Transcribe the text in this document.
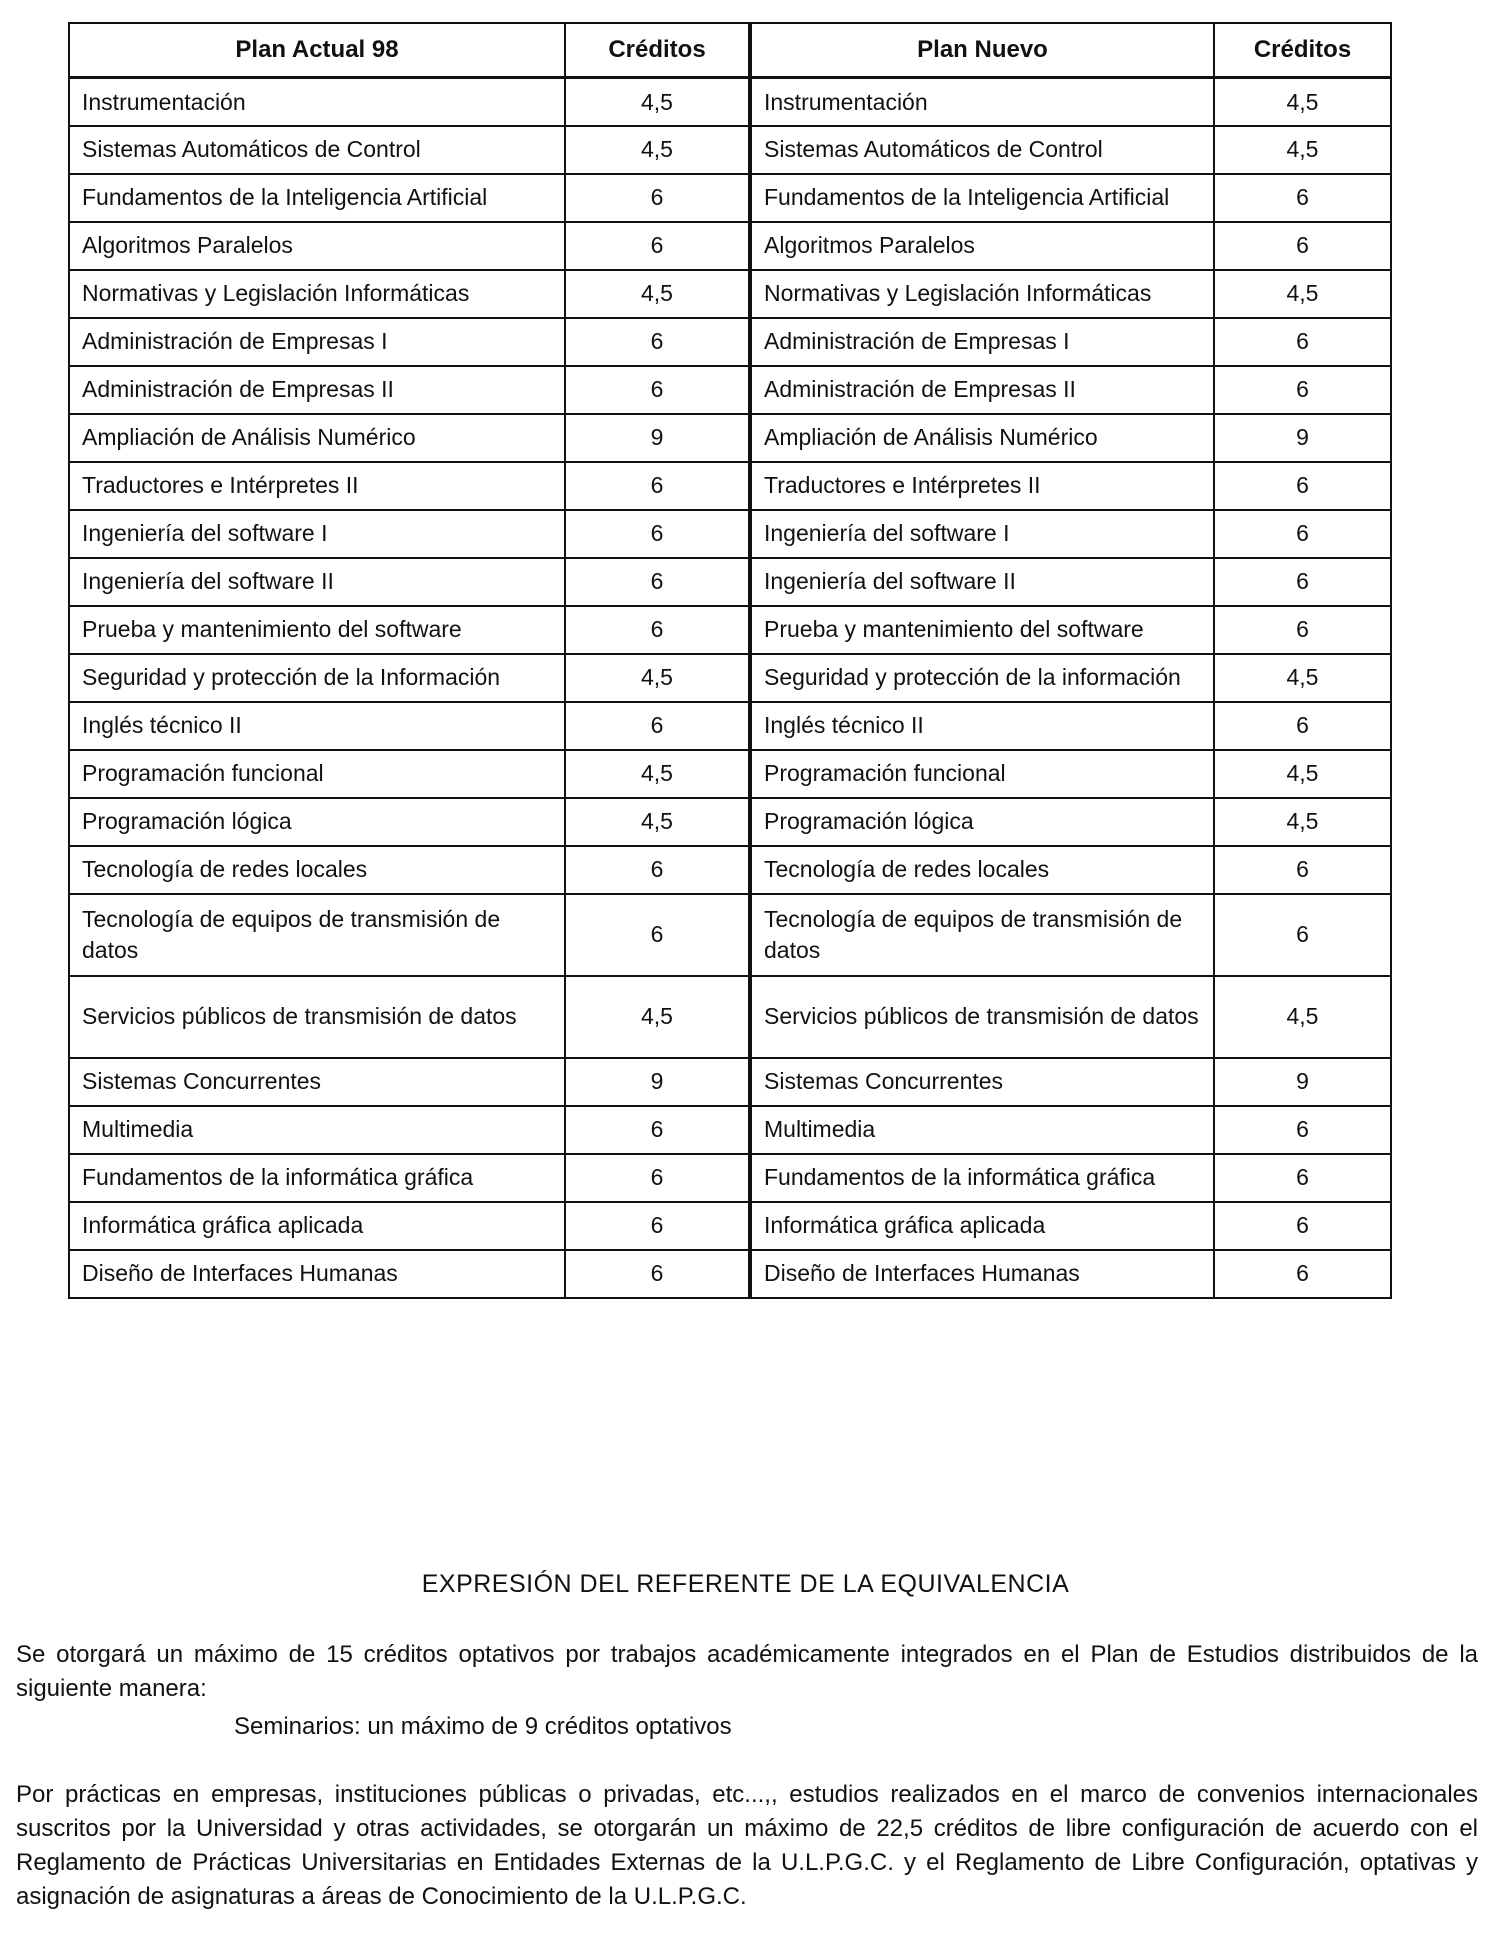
Plan Actual 98	Créditos	Plan Nuevo	Créditos
Instrumentación	4,5	Instrumentación	4,5
Sistemas Automáticos de Control	4,5	Sistemas Automáticos de Control	4,5
Fundamentos de la Inteligencia Artificial	6	Fundamentos de la Inteligencia Artificial	6
Algoritmos Paralelos	6	Algoritmos Paralelos	6
Normativas y Legislación Informáticas	4,5	Normativas y Legislación Informáticas	4,5
Administración de Empresas I	6	Administración de Empresas I	6
Administración de Empresas II	6	Administración de Empresas II	6
Ampliación de Análisis Numérico	9	Ampliación de Análisis Numérico	9
Traductores e Intérpretes II	6	Traductores e Intérpretes II	6
Ingeniería del software I	6	Ingeniería del software I	6
Ingeniería del software II	6	Ingeniería del software II	6
Prueba y mantenimiento del software	6	Prueba y mantenimiento del software	6
Seguridad y protección de la Información	4,5	Seguridad y protección de la información	4,5
Inglés técnico II	6	Inglés técnico II	6
Programación funcional	4,5	Programación funcional	4,5
Programación lógica	4,5	Programación lógica	4,5
Tecnología de redes locales	6	Tecnología de redes locales	6
Tecnología de equipos de transmisión de datos	6	Tecnología de equipos de transmisión de datos	6
Servicios públicos de transmisión de datos	4,5	Servicios públicos de transmisión de datos	4,5
Sistemas Concurrentes	9	Sistemas Concurrentes	9
Multimedia	6	Multimedia	6
Fundamentos de la informática gráfica	6	Fundamentos de la informática gráfica	6
Informática gráfica aplicada	6	Informática gráfica aplicada	6
Diseño de Interfaces Humanas	6	Diseño de Interfaces Humanas	6
EXPRESIÓN DEL REFERENTE DE LA EQUIVALENCIA

Se otorgará un máximo de 15 créditos optativos por trabajos académicamente integrados en el Plan de Estudios distribuidos de la siguiente manera:

Seminarios: un máximo de 9 créditos optativos

Por prácticas en empresas, instituciones públicas o privadas, etc...,, estudios realizados en el marco de convenios internacionales suscritos por la Universidad y otras actividades, se otorgarán un máximo de 22,5 créditos de libre configuración de acuerdo con el Reglamento de Prácticas Universitarias en Entidades Externas de la U.L.P.G.C. y el Reglamento de Libre Configuración, optativas y asignación de asignaturas a áreas de Conocimiento de la U.L.P.G.C.
